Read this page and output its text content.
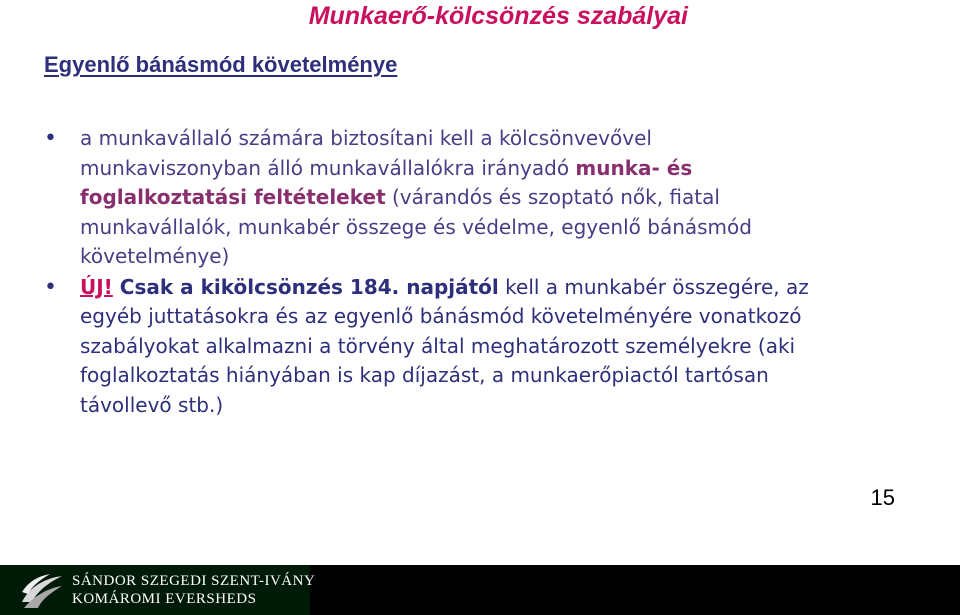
Munkaerő-kölcsönzés szabályai
Egyenlő bánásmód követelménye
• a munkavállaló számára biztosítani kell a kölcsönvevővel munkaviszonyban álló munkavállalókra irányadó munka- és foglalkoztatási feltételeket (várandós és szoptató nők, fiatal munkavállalók, munkabér összege és védelme, egyenlő bánásmód követelménye)
• ÚJ! Csak a kikölcsönzés 184. napjától kell a munkabér összegére, az egyéb juttatásokra és az egyenlő bánásmód követelményére vonatkozó szabályokat alkalmazni a törvény által meghatározott személyekre (aki foglalkoztatás hiányában is kap díjazást, a munkaerőpiactól tartósan távollevő stb.)
15
SÁNDOR SZEGEDI SZENT-IVÁNY
KOMÁROMI EVERSHEDS
